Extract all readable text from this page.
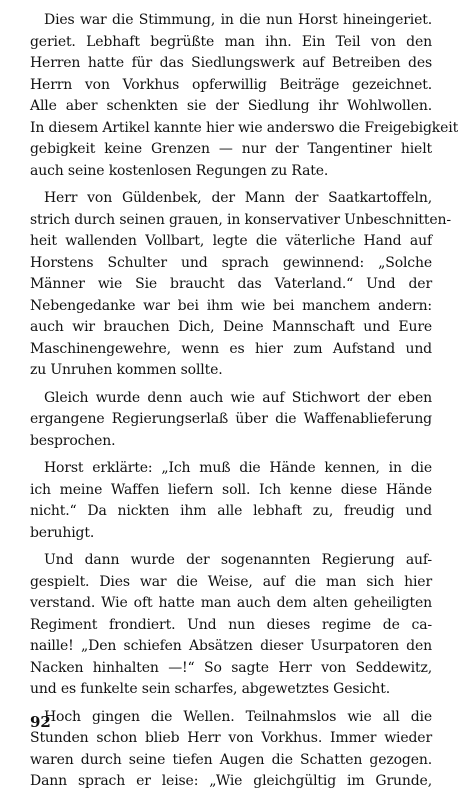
Dies war die Stimmung, in die nun Horst hineingeriet.
geriet. Lebhaft begrüßte man ihn. Ein Teil von den
Herren hatte für das Siedlungswerk auf Betreiben des
Herrn von Vorkhus opferwillig Beiträge gezeichnet.
Alle aber schenkten sie der Siedlung ihr Wohlwollen.
In diesem Artikel kannte hier wie anderswo die Freigebigkeit
gebigkeit keine Grenzen — nur der Tangentiner hielt
auch seine kostenlosen Regungen zu Rate.
Herr von Güldenbek, der Mann der Saatkartoffeln,
strich durch seinen grauen, in konservativer Unbeschnitten-
heit wallenden Vollbart, legte die väterliche Hand auf
Horstens Schulter und sprach gewinnend: „Solche
Männer wie Sie braucht das Vaterland.“ Und der
Nebengedanke war bei ihm wie bei manchem andern:
auch wir brauchen Dich, Deine Mannschaft und Eure
Maschinengewehre, wenn es hier zum Aufstand und
zu Unruhen kommen sollte.
Gleich wurde denn auch wie auf Stichwort der eben
ergangene Regierungserlaß über die Waffenablieferung
besprochen.
Horst erklärte: „Ich muß die Hände kennen, in die
ich meine Waffen liefern soll. Ich kenne diese Hände
nicht.“ Da nickten ihm alle lebhaft zu, freudig und
beruhigt.
Und dann wurde der sogenannten Regierung auf-
gespielt. Dies war die Weise, auf die man sich hier
verstand. Wie oft hatte man auch dem alten geheiligten
Regiment frondiert. Und nun dieses regime de ca-
naille! „Den schiefen Absätzen dieser Usurpatoren den
Nacken hinhalten —!“ So sagte Herr von Seddewitz,
und es funkelte sein scharfes, abgewetztes Gesicht.
Hoch gingen die Wellen. Teilnahmslos wie all die
Stunden schon blieb Herr von Vorkhus. Immer wieder
waren durch seine tiefen Augen die Schatten gezogen.
Dann sprach er leise: „Wie gleichgültig im Grunde,
92
